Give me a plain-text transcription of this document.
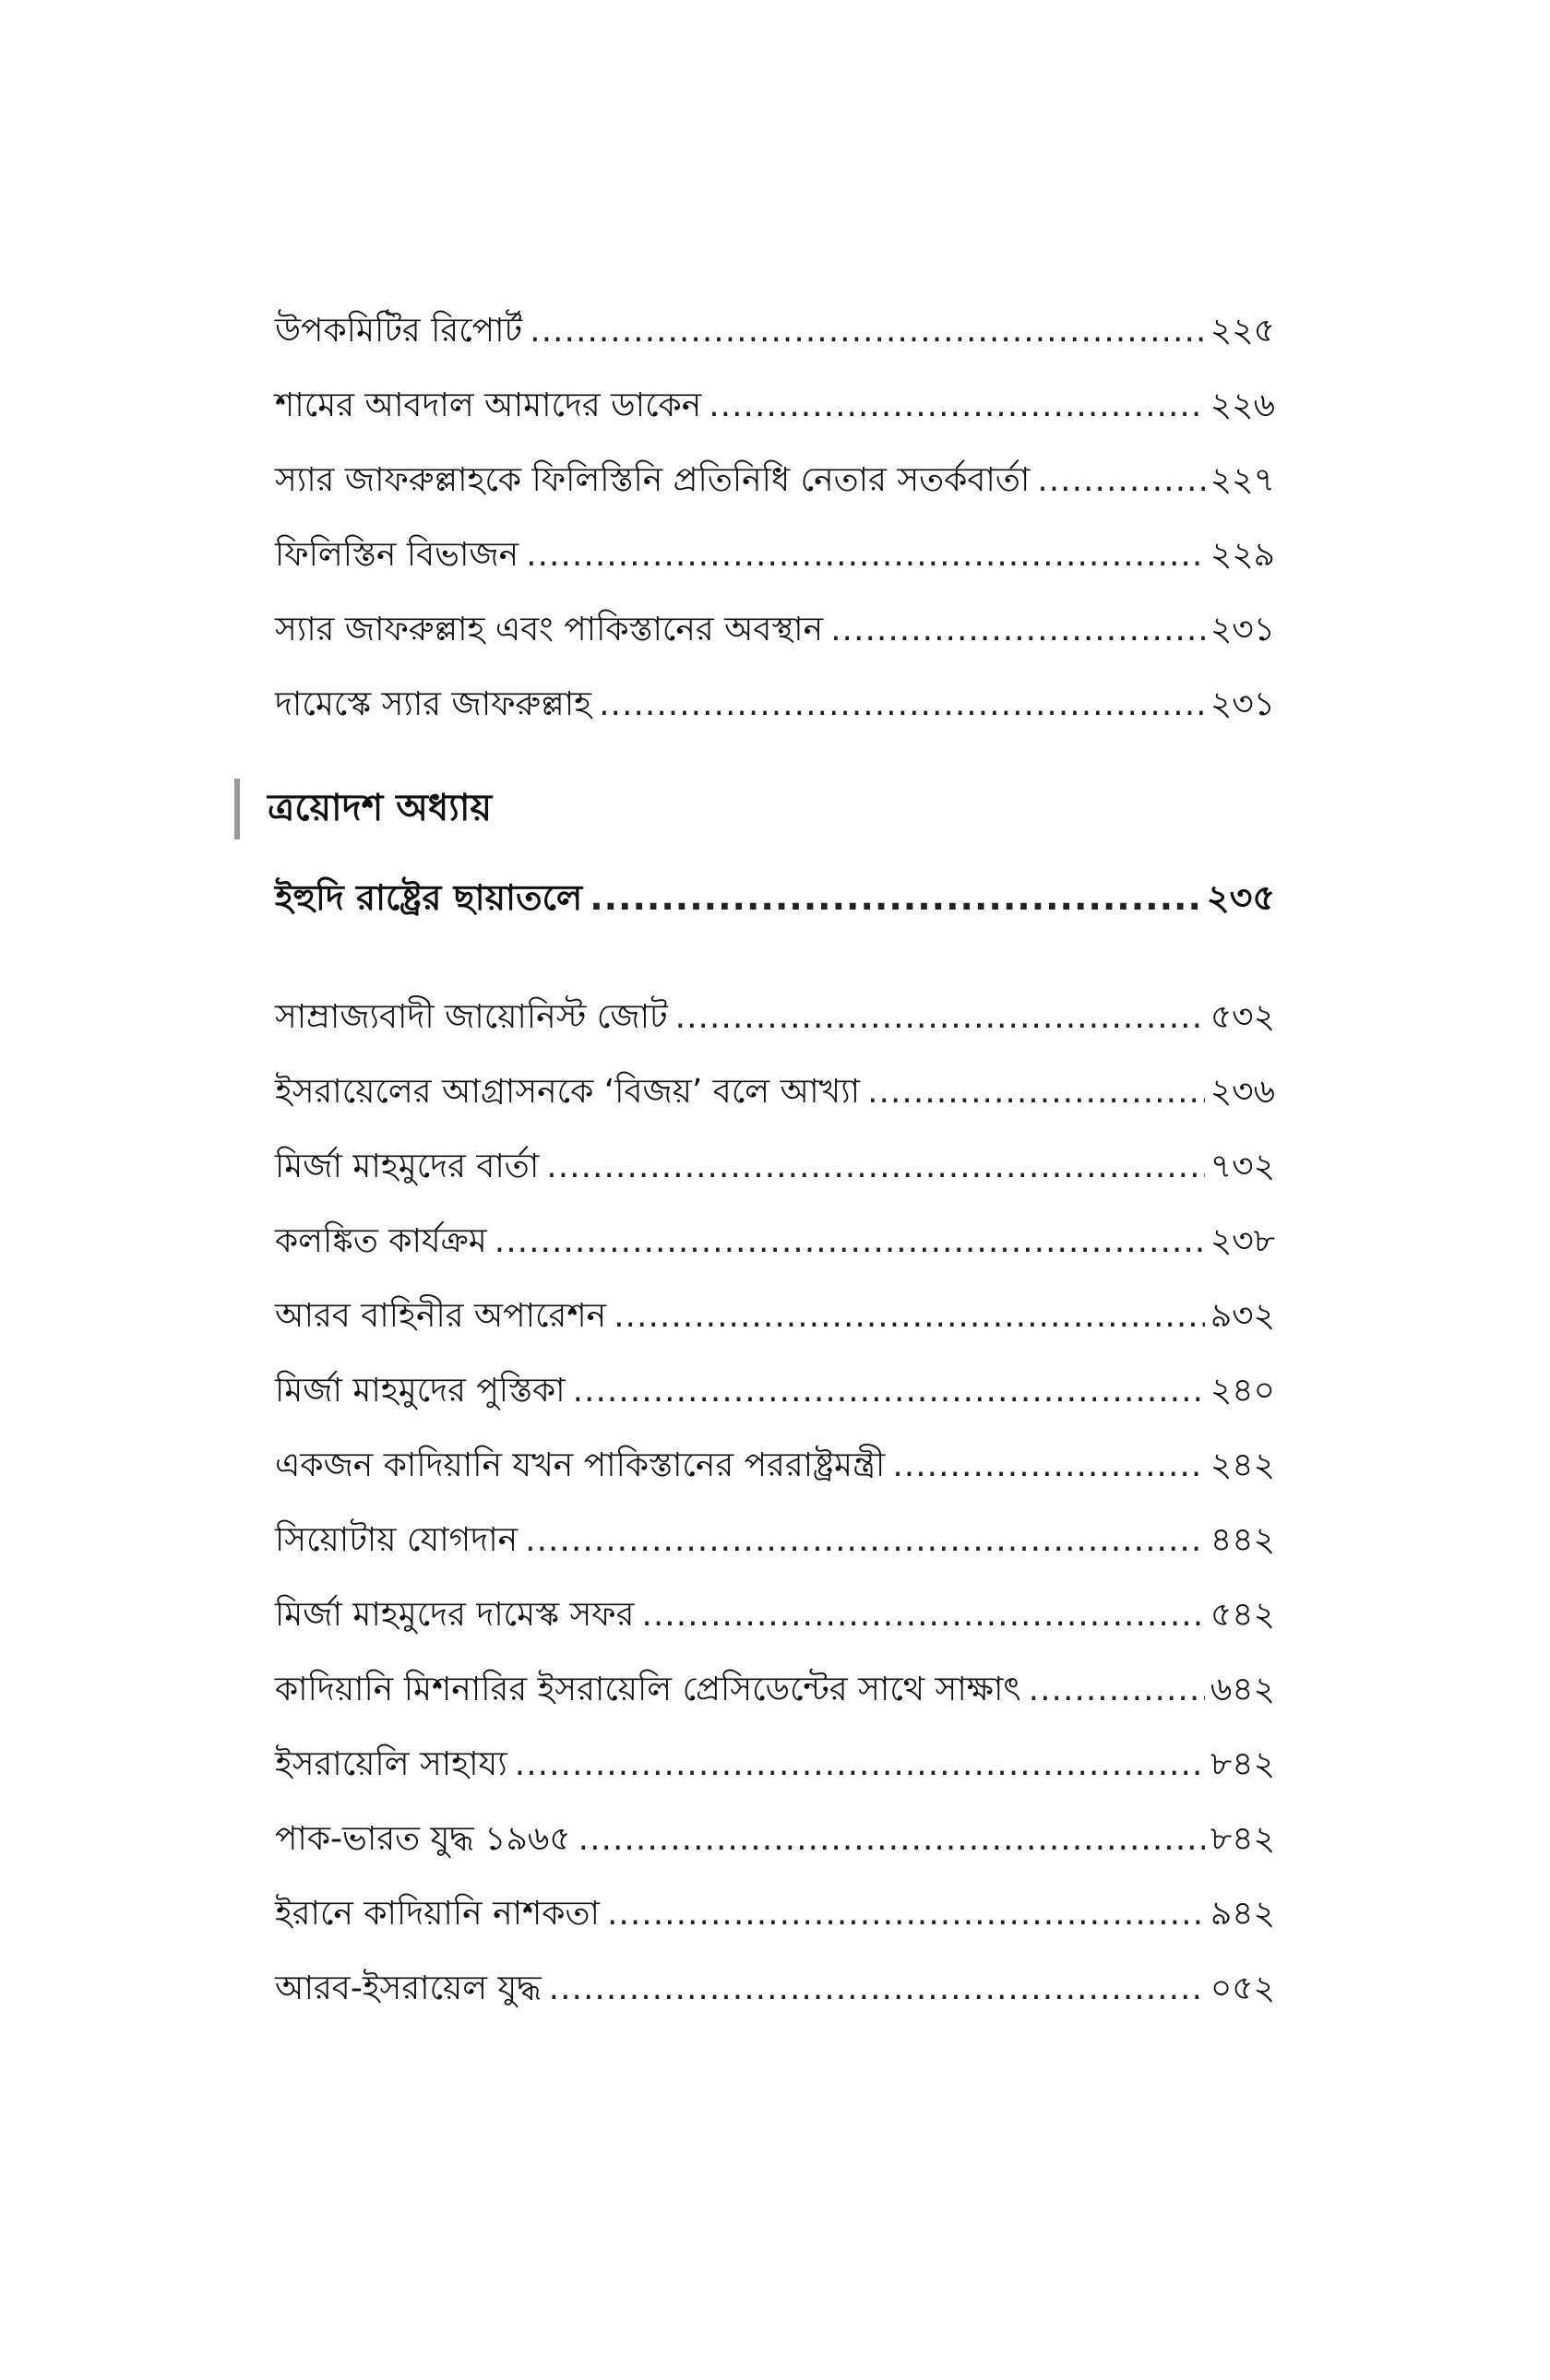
উপকমিটির রিপোর্ট .....	২২৫
শামের আবদাল আমাদের ডাকেন .....	২২৬
স্যার জাফরুল্লাহকে ফিলিস্তিনি প্রতিনিধি নেতার সতর্কবার্তা .....	২২৭
ফিলিস্তিন বিভাজন .....	২২৯
স্যার জাফরুল্লাহ এবং পাকিস্তানের অবস্থান .....	২৩১
দামেস্কে স্যার জাফরুল্লাহ .....	২৩১
ত্রয়োদশ অধ্যায়
ইহুদি রাষ্ট্রের ছায়াতলে .....	২৩৫
সাম্রাজ্যবাদী জায়োনিস্ট জোট .....	৫৩২
ইসরায়েলের আগ্রাসনকে ‘বিজয়’ বলে আখ্যা .....	২৩৬
মির্জা মাহমুদের বার্তা .....	৭৩২
কলঙ্কিত কার্যক্রম .....	২৩৮
আরব বাহিনীর অপারেশন .....	৯৩২
মির্জা মাহমুদের পুস্তিকা .....	২৪০
একজন কাদিয়ানি যখন পাকিস্তানের পররাষ্ট্রমন্ত্রী .....	২৪২
সিয়োটায় যোগদান .....	৪৪২
মির্জা মাহমুদের দামেস্ক সফর .....	৫৪২
কাদিয়ানি মিশনারির ইসরায়েলি প্রেসিডেন্টের সাথে সাক্ষাৎ .....	৬৪২
ইসরায়েলি সাহায্য .....	৮৪২
পাক-ভারত যুদ্ধ ১৯৬৫ .....	৮৪২
ইরানে কাদিয়ানি নাশকতা .....	৯৪২
আরব-ইসরায়েল যুদ্ধ .....	০৫২
